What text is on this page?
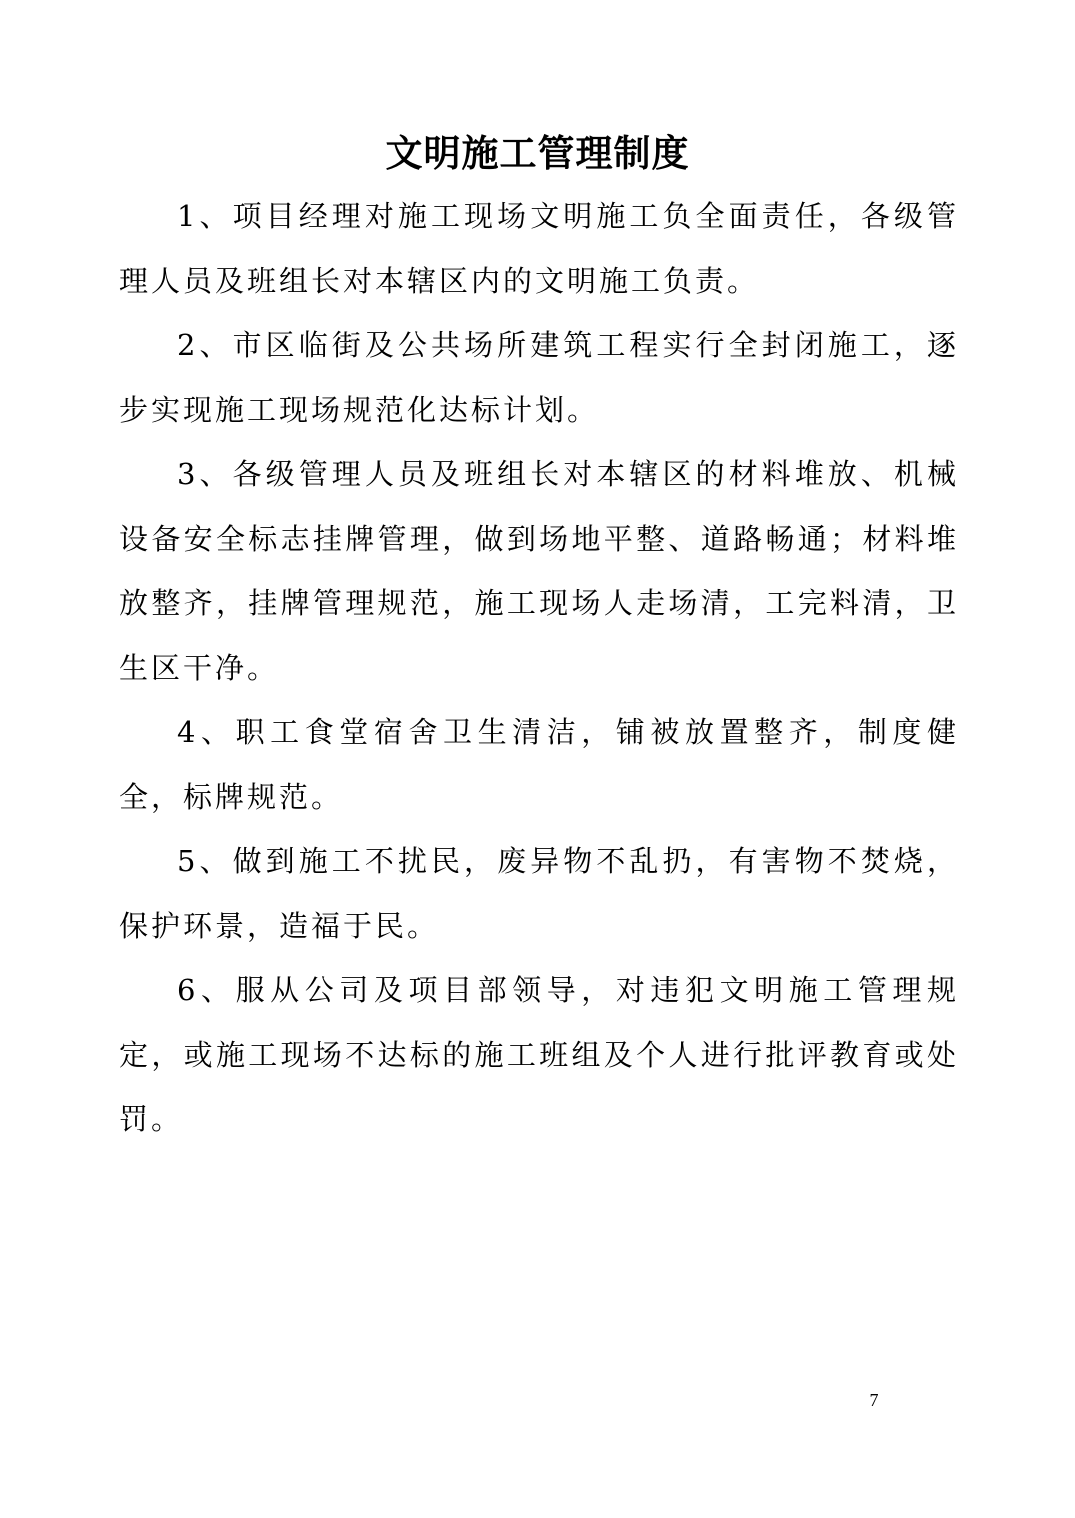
文明施工管理制度

1、项目经理对施工现场文明施工负全面责任，各级管理人员及班组长对本辖区内的文明施工负责。

2、市区临街及公共场所建筑工程实行全封闭施工，逐步实现施工现场规范化达标计划。

3、各级管理人员及班组长对本辖区的材料堆放、机械设备安全标志挂牌管理，做到场地平整、道路畅通；材料堆放整齐，挂牌管理规范，施工现场人走场清，工完料清，卫生区干净。

4、职工食堂宿舍卫生清洁，铺被放置整齐，制度健全，标牌规范。

5、做到施工不扰民，废异物不乱扔，有害物不焚烧，保护环景，造福于民。

6、服从公司及项目部领导，对违犯文明施工管理规定，或施工现场不达标的施工班组及个人进行批评教育或处罚。

7
